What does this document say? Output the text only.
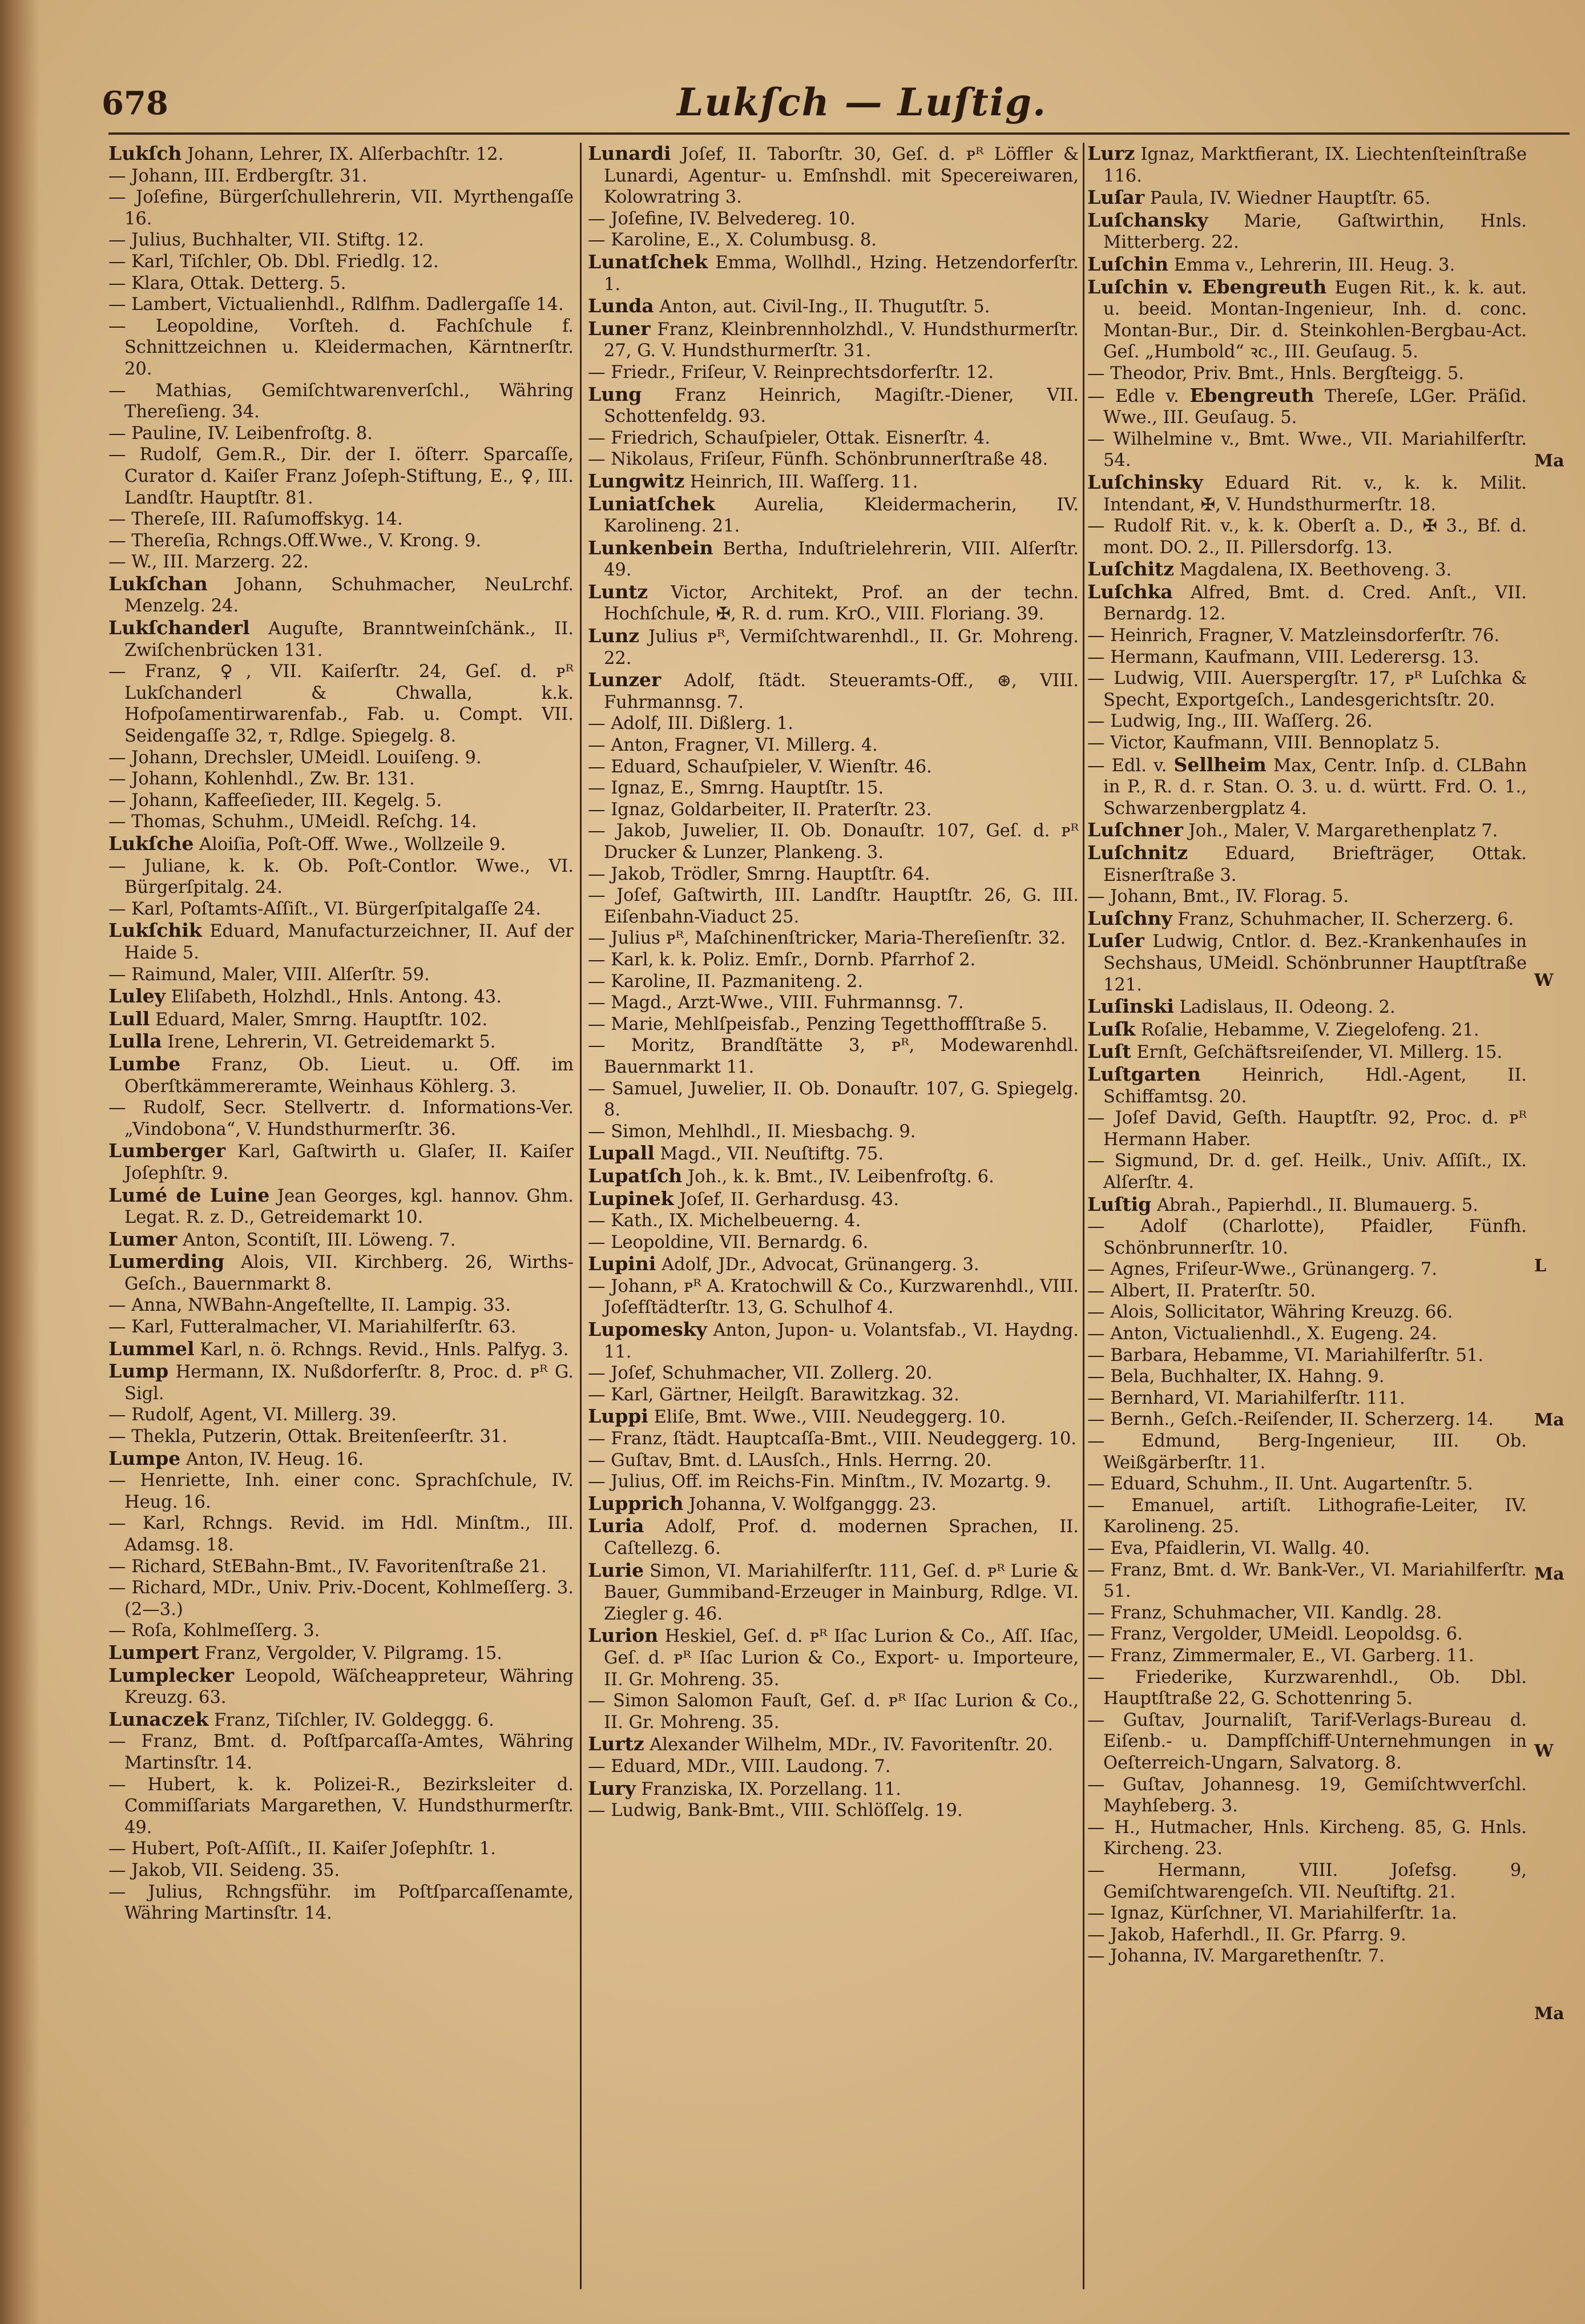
678	Lukſch — Luſtig.
Lukſch Johann, Lehrer, IX. Alſerbachſtr. 12.
— Johann, III. Erdbergſtr. 31.
— Joſefine, Bürgerſchullehrerin, VII. Myrthengaſſe 16.
— Julius, Buchhalter, VII. Stiftg. 12.
— Karl, Tiſchler, Ob. Dbl. Friedlg. 12.
— Klara, Ottak. Detterg. 5.
— Lambert, Victualienhdl., Rdlfhm. Dadlergaſſe 14.
— Leopoldine, Vorſteh. d. Fachſchule f. Schnittzeichnen u. Kleidermachen, Kärntnerſtr. 20.
— Mathias, Gemiſchtwarenverſchl., Währing Thereſieng. 34.
— Pauline, IV. Leibenfroſtg. 8.
— Rudolf, Gem.R., Dir. der I. öſterr. Sparcaſſe, Curator d. Kaiſer Franz Joſeph-Stiftung, E., ♀, III. Landſtr. Hauptſtr. 81.
— Thereſe, III. Raſumoffskyg. 14.
— Thereſia, Rchngs.Off.Wwe., V. Krong. 9.
— W., III. Marzerg. 22.
Lukſchan Johann, Schuhmacher, NeuLrchf. Menzelg. 24.
Lukſchanderl Auguſte, Branntweinſchänk., II. Zwiſchenbrücken 131.
— Franz, ♀, VII. Kaiſerſtr. 24, Geſ. d. ᴘᴿ Lukſchanderl & Chwalla, k.k. Hofpoſamentirwarenfab., Fab. u. Compt. VII. Seidengaſſe 32, ᴛ, Rdlge. Spiegelg. 8.
— Johann, Drechsler, UMeidl. Louiſeng. 9.
— Johann, Kohlenhdl., Zw. Br. 131.
— Johann, Kaffeeſieder, III. Kegelg. 5.
— Thomas, Schuhm., UMeidl. Reſchg. 14.
Lukſche Aloiſia, Poſt-Off. Wwe., Wollzeile 9.
— Juliane, k. k. Ob. Poſt-Contlor. Wwe., VI. Bürgerſpitalg. 24.
— Karl, Poſtamts-Aſſiſt., VI. Bürgerſpitalgaſſe 24.
Lukſchik Eduard, Manufacturzeichner, II. Auf der Haide 5.
— Raimund, Maler, VIII. Alſerſtr. 59.
Luley Eliſabeth, Holzhdl., Hnls. Antong. 43.
Lull Eduard, Maler, Smrng. Hauptſtr. 102.
Lulla Irene, Lehrerin, VI. Getreidemarkt 5.
Lumbe Franz, Ob. Lieut. u. Off. im Oberſtkämmereramte, Weinhaus Köhlerg. 3.
— Rudolf, Secr. Stellvertr. d. Informations-Ver. „Vindobona“, V. Hundsthurmerſtr. 36.
Lumberger Karl, Gaſtwirth u. Glaſer, II. Kaiſer Joſephſtr. 9.
Lumé de Luine Jean Georges, kgl. hannov. Ghm. Legat. R. z. D., Getreidemarkt 10.
Lumer Anton, Scontiſt, III. Löweng. 7.
Lumerding Alois, VII. Kirchberg. 26, Wirths-Geſch., Bauernmarkt 8.
— Anna, NWBahn-Angeſtellte, II. Lampig. 33.
— Karl, Futteralmacher, VI. Mariahilferſtr. 63.
Lummel Karl, n. ö. Rchngs. Revid., Hnls. Palfyg. 3.
Lump Hermann, IX. Nußdorferſtr. 8, Proc. d. ᴘᴿ G. Sigl.
— Rudolf, Agent, VI. Millerg. 39.
— Thekla, Putzerin, Ottak. Breitenſeerſtr. 31.
Lumpe Anton, IV. Heug. 16.
— Henriette, Inh. einer conc. Sprachſchule, IV. Heug. 16.
— Karl, Rchngs. Revid. im Hdl. Minſtm., III. Adamsg. 18.
— Richard, StEBahn-Bmt., IV. Favoritenſtraße 21.
— Richard, MDr., Univ. Priv.-Docent, Kohlmeſſerg. 3. (2—3.)
— Roſa, Kohlmeſſerg. 3.
Lumpert Franz, Vergolder, V. Pilgramg. 15.
Lumplecker Leopold, Wäſcheappreteur, Währing Kreuzg. 63.
Lunaczek Franz, Tiſchler, IV. Goldeggg. 6.
— Franz, Bmt. d. Poſtſparcaſſa-Amtes, Währing Martinsſtr. 14.
— Hubert, k. k. Polizei-R., Bezirksleiter d. Commiſſariats Margarethen, V. Hundsthurmerſtr. 49.
— Hubert, Poſt-Aſſiſt., II. Kaiſer Joſephſtr. 1.
— Jakob, VII. Seideng. 35.
— Julius, Rchngsführ. im Poſtſparcaſſenamte, Währing Martinsſtr. 14.
Lunardi Joſef, II. Taborſtr. 30, Geſ. d. ᴘᴿ Löffler & Lunardi, Agentur- u. Emſnshdl. mit Specereiwaren, Kolowratring 3.
— Joſefine, IV. Belvedereg. 10.
— Karoline, E., X. Columbusg. 8.
Lunatſchek Emma, Wollhdl., Hzing. Hetzendorferſtr. 1.
Lunda Anton, aut. Civil-Ing., II. Thugutſtr. 5.
Luner Franz, Kleinbrennholzhdl., V. Hundsthurmerſtr. 27, G. V. Hundsthurmerſtr. 31.
— Friedr., Friſeur, V. Reinprechtsdorferſtr. 12.
Lung Franz Heinrich, Magiſtr.-Diener, VII. Schottenfeldg. 93.
— Friedrich, Schauſpieler, Ottak. Eisnerſtr. 4.
— Nikolaus, Friſeur, Fünfh. Schönbrunnerſtraße 48.
Lungwitz Heinrich, III. Waſſerg. 11.
Luniatſchek Aurelia, Kleidermacherin, IV. Karolineng. 21.
Lunkenbein Bertha, Induſtrielehrerin, VIII. Alſerſtr. 49.
Luntz Victor, Architekt, Prof. an der techn. Hochſchule, ✠, R. d. rum. KrO., VIII. Floriang. 39.
Lunz Julius ᴘᴿ, Vermiſchtwarenhdl., II. Gr. Mohreng. 22.
Lunzer Adolf, ſtädt. Steueramts-Off., ⊛, VIII. Fuhrmannsg. 7.
— Adolf, III. Dißlerg. 1.
— Anton, Fragner, VI. Millerg. 4.
— Eduard, Schauſpieler, V. Wienſtr. 46.
— Ignaz, E., Smrng. Hauptſtr. 15.
— Ignaz, Goldarbeiter, II. Praterſtr. 23.
— Jakob, Juwelier, II. Ob. Donauſtr. 107, Geſ. d. ᴘᴿ Drucker & Lunzer, Plankeng. 3.
— Jakob, Trödler, Smrng. Hauptſtr. 64.
— Joſef, Gaſtwirth, III. Landſtr. Hauptſtr. 26, G. III. Eiſenbahn-Viaduct 25.
— Julius ᴘᴿ, Maſchinenſtricker, Maria-Thereſienſtr. 32.
— Karl, k. k. Poliz. Emſr., Dornb. Pfarrhof 2.
— Karoline, II. Pazmaniteng. 2.
— Magd., Arzt-Wwe., VIII. Fuhrmannsg. 7.
— Marie, Mehlſpeisfab., Penzing Tegetthoffſtraße 5.
— Moritz, Brandſtätte 3, ᴘᴿ, Modewarenhdl. Bauernmarkt 11.
— Samuel, Juwelier, II. Ob. Donauſtr. 107, G. Spiegelg. 8.
— Simon, Mehlhdl., II. Miesbachg. 9.
Lupall Magd., VII. Neuſtiftg. 75.
Lupatſch Joh., k. k. Bmt., IV. Leibenfroſtg. 6.
Lupinek Joſef, II. Gerhardusg. 43.
— Kath., IX. Michelbeuerng. 4.
— Leopoldine, VII. Bernardg. 6.
Lupini Adolf, JDr., Advocat, Grünangerg. 3.
— Johann, ᴘᴿ A. Kratochwill & Co., Kurzwarenhdl., VIII. Joſefſtädterſtr. 13, G. Schulhof 4.
Lupomesky Anton, Jupon- u. Volantsfab., VI. Haydng. 11.
— Joſef, Schuhmacher, VII. Zollerg. 20.
— Karl, Gärtner, Heilgſt. Barawitzkag. 32.
Luppi Eliſe, Bmt. Wwe., VIII. Neudeggerg. 10.
— Franz, ſtädt. Hauptcaſſa-Bmt., VIII. Neudeggerg. 10.
— Guſtav, Bmt. d. LAusſch., Hnls. Herrng. 20.
— Julius, Off. im Reichs-Fin. Minſtm., IV. Mozartg. 9.
Lupprich Johanna, V. Wolfganggg. 23.
Luria Adolf, Prof. d. modernen Sprachen, II. Caſtellezg. 6.
Lurie Simon, VI. Mariahilferſtr. 111, Geſ. d. ᴘᴿ Lurie & Bauer, Gummiband-Erzeuger in Mainburg, Rdlge. VI. Ziegler g. 46.
Lurion Heskiel, Geſ. d. ᴘᴿ Iſac Lurion & Co., Aſſ. Iſac, Geſ. d. ᴘᴿ Iſac Lurion & Co., Export- u. Importeure, II. Gr. Mohreng. 35.
— Simon Salomon Fauſt, Geſ. d. ᴘᴿ Iſac Lurion & Co., II. Gr. Mohreng. 35.
Lurtz Alexander Wilhelm, MDr., IV. Favoritenſtr. 20.
— Eduard, MDr., VIII. Laudong. 7.
Lury Franziska, IX. Porzellang. 11.
— Ludwig, Bank-Bmt., VIII. Schlöſſelg. 19.
Lurz Ignaz, Marktfierant, IX. Liechtenſteinſtraße 116.
Luſar Paula, IV. Wiedner Hauptſtr. 65.
Luſchansky Marie, Gaſtwirthin, Hnls. Mitterberg. 22.
Luſchin Emma v., Lehrerin, III. Heug. 3.
Luſchin v. Ebengreuth Eugen Rit., k. k. aut. u. beeid. Montan-Ingenieur, Inh. d. conc. Montan-Bur., Dir. d. Steinkohlen-Bergbau-Act. Geſ. „Humbold“ ꝛc., III. Geuſaug. 5.
— Theodor, Priv. Bmt., Hnls. Bergſteigg. 5.
— Edle v. Ebengreuth Thereſe, LGer. Präſid. Wwe., III. Geuſaug. 5.
— Wilhelmine v., Bmt. Wwe., VII. Mariahilferſtr. 54.
Luſchinsky Eduard Rit. v., k. k. Milit. Intendant, ✠, V. Hundsthurmerſtr. 18.
— Rudolf Rit. v., k. k. Oberſt a. D., ✠ 3., Bf. d. mont. DO. 2., II. Pillersdorfg. 13.
Luſchitz Magdalena, IX. Beethoveng. 3.
Luſchka Alfred, Bmt. d. Cred. Anſt., VII. Bernardg. 12.
— Heinrich, Fragner, V. Matzleinsdorferſtr. 76.
— Hermann, Kaufmann, VIII. Lederersg. 13.
— Ludwig, VIII. Auerspergſtr. 17, ᴘᴿ Luſchka & Specht, Exportgeſch., Landesgerichtsſtr. 20.
— Ludwig, Ing., III. Waſſerg. 26.
— Victor, Kaufmann, VIII. Bennoplatz 5.
— Edl. v. Sellheim Max, Centr. Inſp. d. CLBahn in P., R. d. r. Stan. O. 3. u. d. württ. Frd. O. 1., Schwarzenbergplatz 4.
Luſchner Joh., Maler, V. Margarethenplatz 7.
Luſchnitz Eduard, Briefträger, Ottak. Eisnerſtraße 3.
— Johann, Bmt., IV. Florag. 5.
Luſchny Franz, Schuhmacher, II. Scherzerg. 6.
Luſer Ludwig, Cntlor. d. Bez.-Krankenhauſes in Sechshaus, UMeidl. Schönbrunner Hauptſtraße 121.
Luſinski Ladislaus, II. Odeong. 2.
Luſk Roſalie, Hebamme, V. Ziegelofeng. 21.
Luſt Ernſt, Geſchäftsreiſender, VI. Millerg. 15.
Luſtgarten Heinrich, Hdl.-Agent, II. Schiffamtsg. 20.
— Joſef David, Geſth. Hauptſtr. 92, Proc. d. ᴘᴿ Hermann Haber.
— Sigmund, Dr. d. geſ. Heilk., Univ. Aſſiſt., IX. Alſerſtr. 4.
Luſtig Abrah., Papierhdl., II. Blumauerg. 5.
— Adolf (Charlotte), Pfaidler, Fünfh. Schönbrunnerſtr. 10.
— Agnes, Friſeur-Wwe., Grünangerg. 7.
— Albert, II. Praterſtr. 50.
— Alois, Sollicitator, Währing Kreuzg. 66.
— Anton, Victualienhdl., X. Eugeng. 24.
— Barbara, Hebamme, VI. Mariahilferſtr. 51.
— Bela, Buchhalter, IX. Hahng. 9.
— Bernhard, VI. Mariahilferſtr. 111.
— Bernh., Geſch.-Reiſender, II. Scherzerg. 14.
— Edmund, Berg-Ingenieur, III. Ob. Weißgärberſtr. 11.
— Eduard, Schuhm., II. Unt. Augartenſtr. 5.
— Emanuel, artiſt. Lithografie-Leiter, IV. Karolineng. 25.
— Eva, Pfaidlerin, VI. Wallg. 40.
— Franz, Bmt. d. Wr. Bank-Ver., VI. Mariahilferſtr. 51.
— Franz, Schuhmacher, VII. Kandlg. 28.
— Franz, Vergolder, UMeidl. Leopoldsg. 6.
— Franz, Zimmermaler, E., VI. Garberg. 11.
— Friederike, Kurzwarenhdl., Ob. Dbl. Hauptſtraße 22, G. Schottenring 5.
— Guſtav, Journaliſt, Tarif-Verlags-Bureau d. Eiſenb.- u. Dampfſchiff-Unternehmungen in Oeſterreich-Ungarn, Salvatorg. 8.
— Guſtav, Johannesg. 19, Gemiſchtwverſchl. Mayhſeberg. 3.
— H., Hutmacher, Hnls. Kircheng. 85, G. Hnls. Kircheng. 23.
— Hermann, VIII. Joſefsg. 9, Gemiſchtwarengeſch. VII. Neuſtiftg. 21.
— Ignaz, Kürſchner, VI. Mariahilferſtr. 1a.
— Jakob, Haferhdl., II. Gr. Pfarrg. 9.
— Johanna, IV. Margarethenſtr. 7.
Ma
W
L
Ma
Ma
W
Ma
